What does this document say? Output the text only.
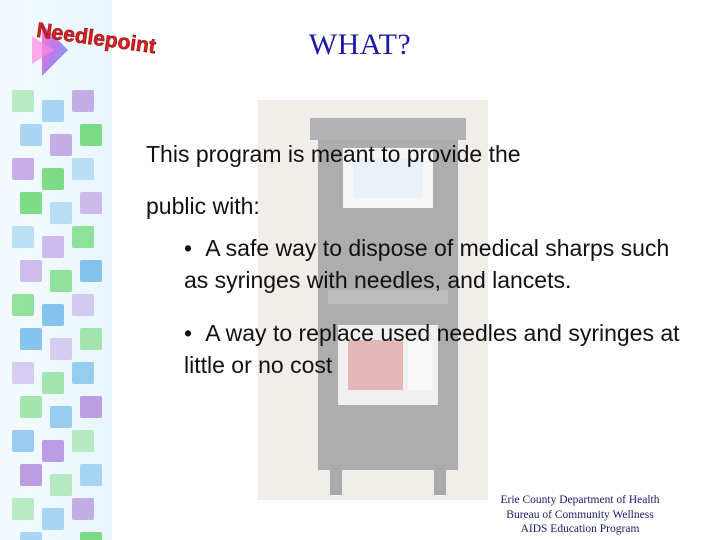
Needlepoint	WHAT?
This program is meant to provide the
public with:
• A safe way to dispose of medical sharps such as syringes with needles, and lancets.
• A way to replace used needles and syringes at little or no cost
Erie County Department of Health
Bureau of Community Wellness
AIDS Education Program
